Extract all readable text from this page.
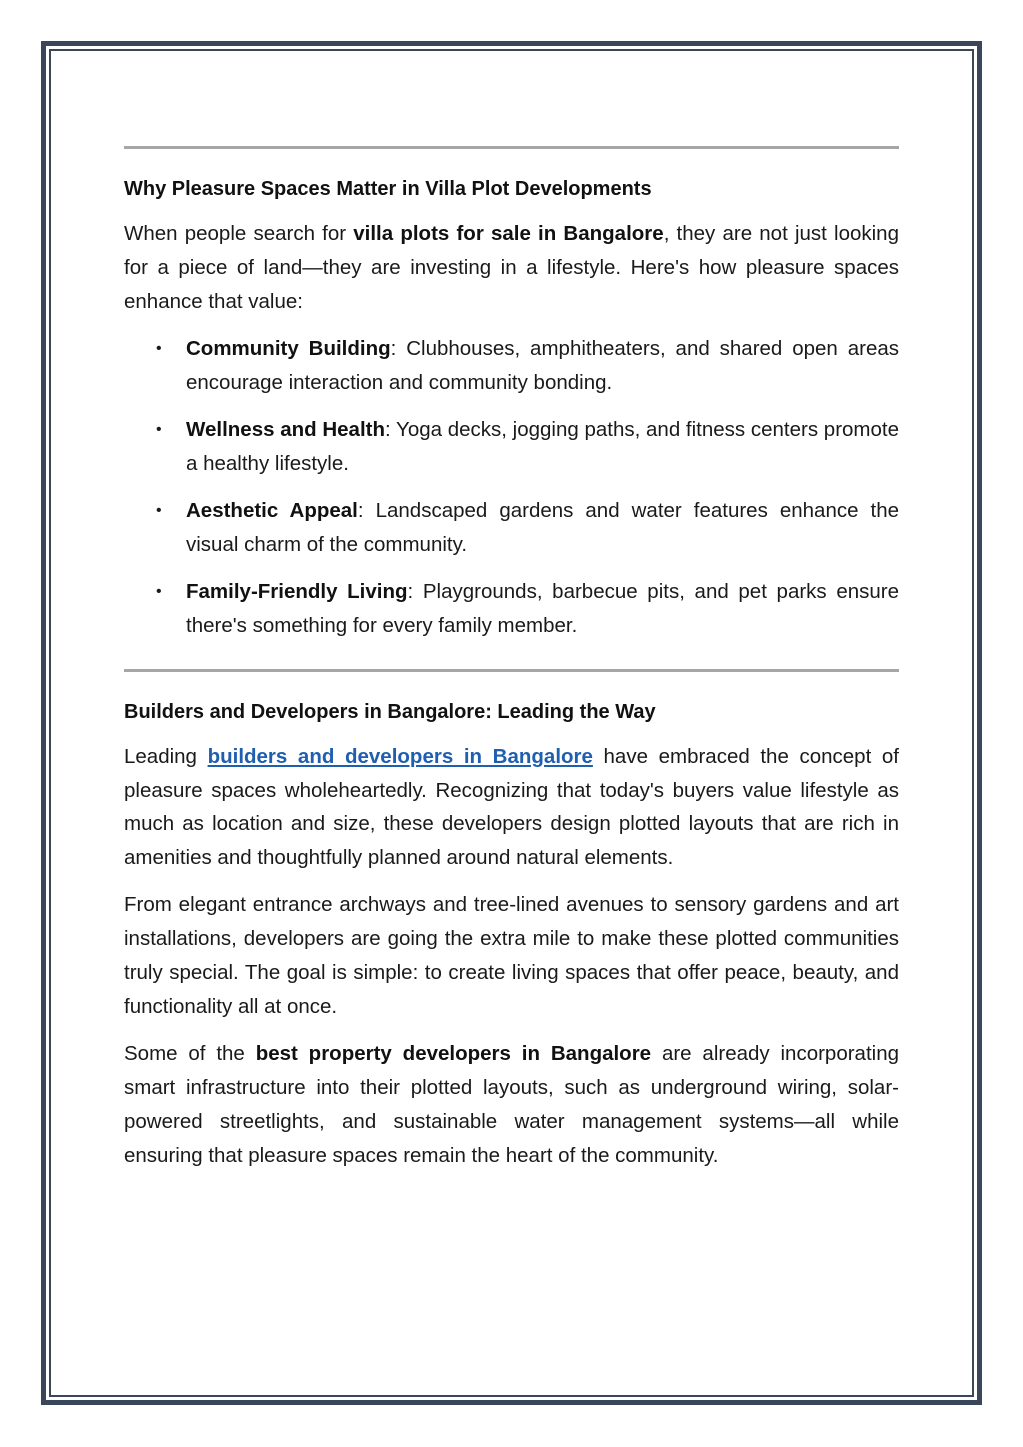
Why Pleasure Spaces Matter in Villa Plot Developments

When people search for villa plots for sale in Bangalore, they are not just looking for a piece of land—they are investing in a lifestyle. Here's how pleasure spaces enhance that value:

• Community Building: Clubhouses, amphitheaters, and shared open areas encourage interaction and community bonding.
• Wellness and Health: Yoga decks, jogging paths, and fitness centers promote a healthy lifestyle.
• Aesthetic Appeal: Landscaped gardens and water features enhance the visual charm of the community.
• Family-Friendly Living: Playgrounds, barbecue pits, and pet parks ensure there's something for every family member.
Builders and Developers in Bangalore: Leading the Way

Leading builders and developers in Bangalore have embraced the concept of pleasure spaces wholeheartedly. Recognizing that today's buyers value lifestyle as much as location and size, these developers design plotted layouts that are rich in amenities and thoughtfully planned around natural elements.

From elegant entrance archways and tree-lined avenues to sensory gardens and art installations, developers are going the extra mile to make these plotted communities truly special. The goal is simple: to create living spaces that offer peace, beauty, and functionality all at once.

Some of the best property developers in Bangalore are already incorporating smart infrastructure into their plotted layouts, such as underground wiring, solar-powered streetlights, and sustainable water management systems—all while ensuring that pleasure spaces remain the heart of the community.
